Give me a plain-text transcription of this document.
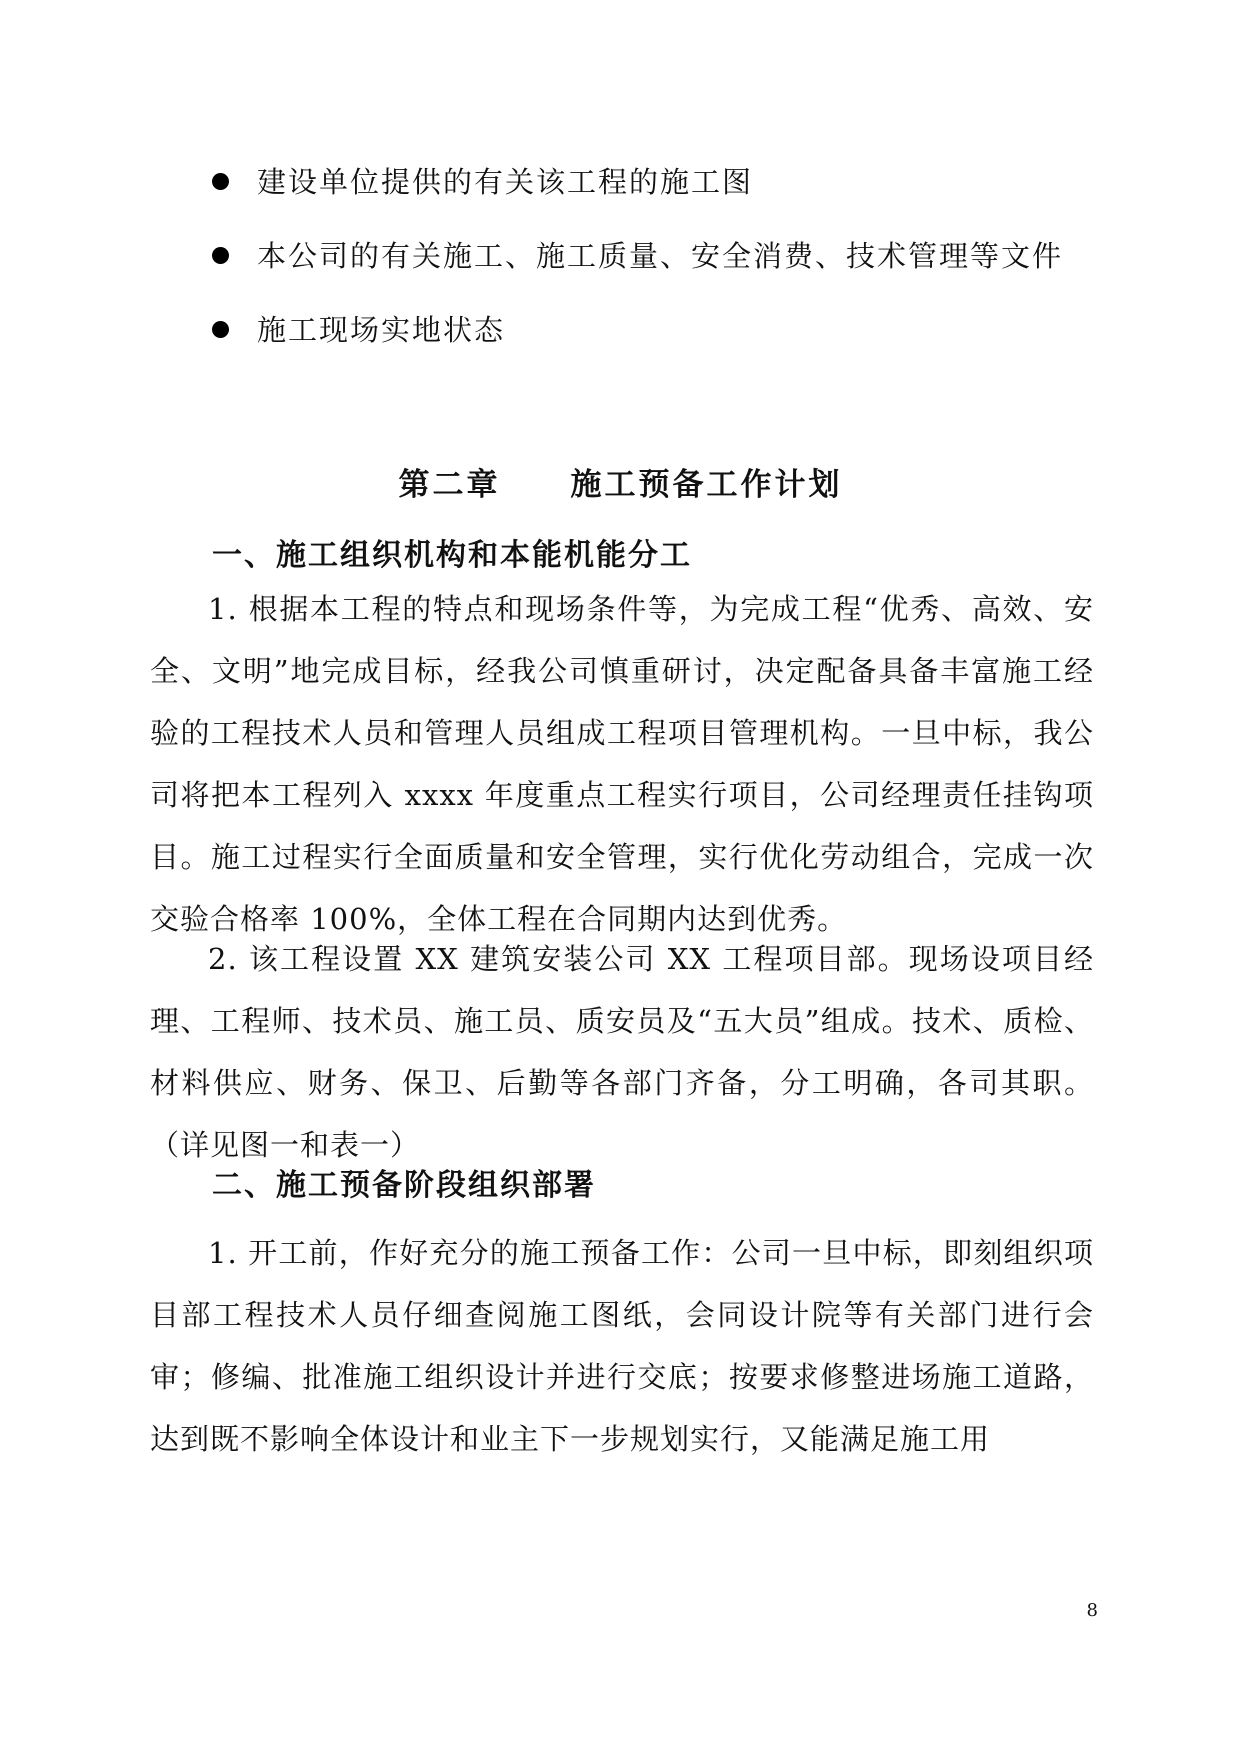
建设单位提供的有关该工程的施工图
本公司的有关施工、施工质量、安全消费、技术管理等文件
施工现场实地状态
第二章 施工预备工作计划
一、施工组织机构和本能机能分工

1. 根据本工程的特点和现场条件等，为完成工程“优秀、高效、安全、文明”地完成目标，经我公司慎重研讨，决定配备具备丰富施工经验的工程技术人员和管理人员组成工程项目管理机构。一旦中标，我公司将把本工程列入 xxxx 年度重点工程实行项目，公司经理责任挂钩项目。施工过程实行全面质量和安全管理，实行优化劳动组合，完成一次交验合格率 100%，全体工程在合同期内达到优秀。

2. 该工程设置 XX 建筑安装公司 XX 工程项目部。现场设项目经理、工程师、技术员、施工员、质安员及“五大员”组成。技术、质检、材料供应、财务、保卫、后勤等各部门齐备，分工明确，各司其职。（详见图一和表一）

二、施工预备阶段组织部署

1. 开工前，作好充分的施工预备工作：公司一旦中标，即刻组织项目部工程技术人员仔细查阅施工图纸，会同设计院等有关部门进行会审；修编、批准施工组织设计并进行交底；按要求修整进场施工道路，达到既不影响全体设计和业主下一步规划实行，又能满足施工用

8
